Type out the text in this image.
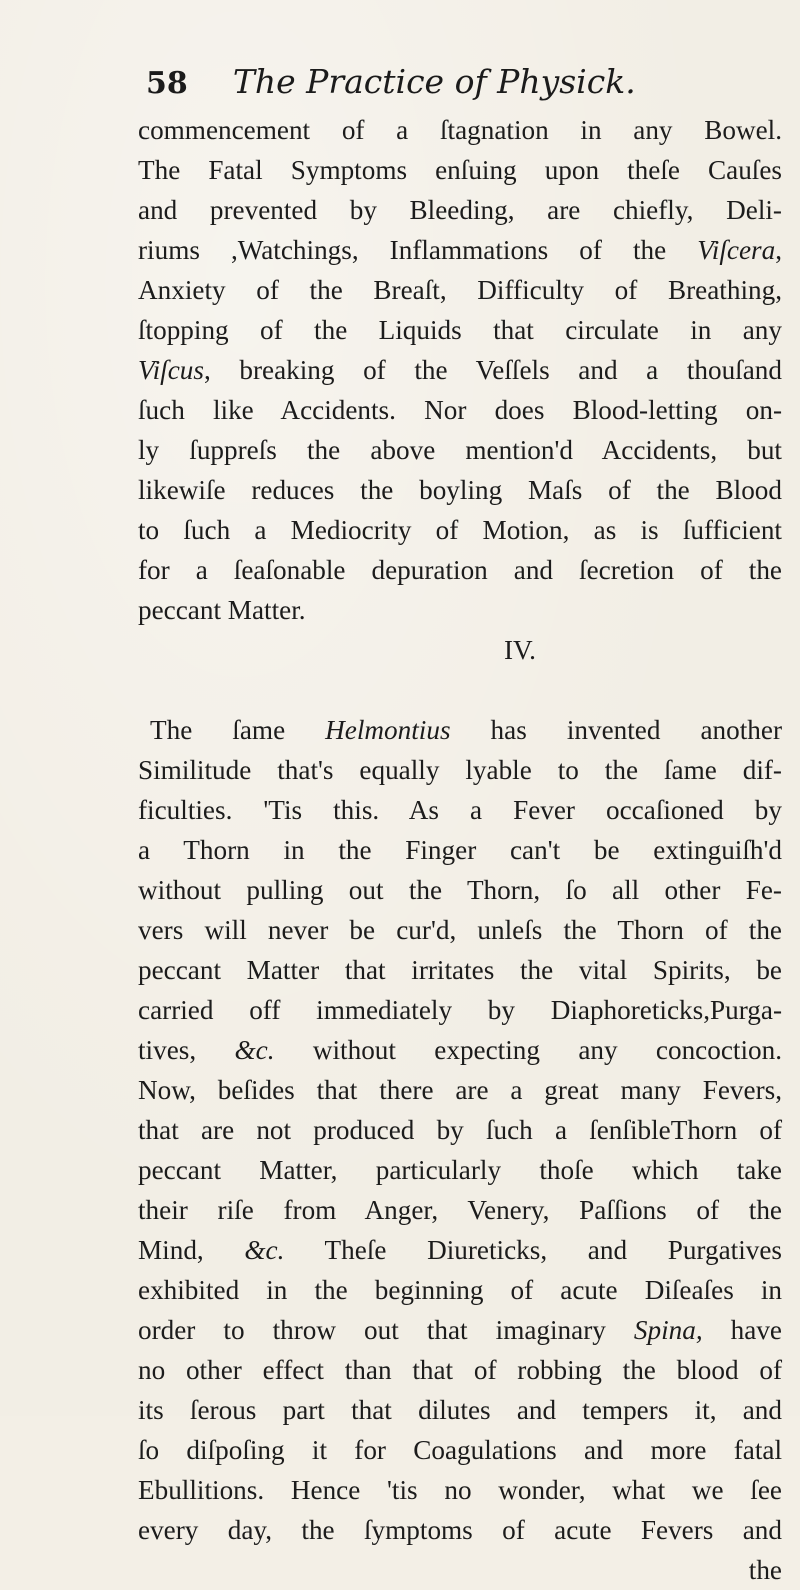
58 The Practice of Physick.
commencement of a ſtagnation in any Bowel.
The Fatal Symptoms enſuing upon theſe Cauſes
and prevented by Bleeding, are chiefly, Deli-
riums ,Watchings, Inflammations of the Viſcera,
Anxiety of the Breaſt, Difficulty of Breathing,
ſtopping of the Liquids that circulate in any
Viſcus, breaking of the Veſſels and a thouſand
ſuch like Accidents. Nor does Blood-letting on-
ly ſuppreſs the above mention'd Accidents, but
likewiſe reduces the boyling Maſs of the Blood
to ſuch a Mediocrity of Motion, as is ſufficient
for a ſeaſonable depuration and ſecretion of the
peccant Matter.
IV.
The ſame Helmontius has invented another
Similitude that's equally lyable to the ſame dif-
ficulties. 'Tis this. As a Fever occaſioned by
a Thorn in the Finger can't be extinguiſh'd
without pulling out the Thorn, ſo all other Fe-
vers will never be cur'd, unleſs the Thorn of the
peccant Matter that irritates the vital Spirits, be
carried off immediately by Diaphoreticks,Purga-
tives, &c. without expecting any concoction.
Now, beſides that there are a great many Fevers,
that are not produced by ſuch a ſenſibleThorn of
peccant Matter, particularly thoſe which take
their riſe from Anger, Venery, Paſſions of the
Mind, &c. Theſe Diureticks, and Purgatives
exhibited in the beginning of acute Diſeaſes in
order to throw out that imaginary Spina, have
no other effect than that of robbing the blood of
its ſerous part that dilutes and tempers it, and
ſo diſpoſing it for Coagulations and more fatal
Ebullitions. Hence 'tis no wonder, what we ſee
every day, the ſymptoms of acute Fevers and
the
